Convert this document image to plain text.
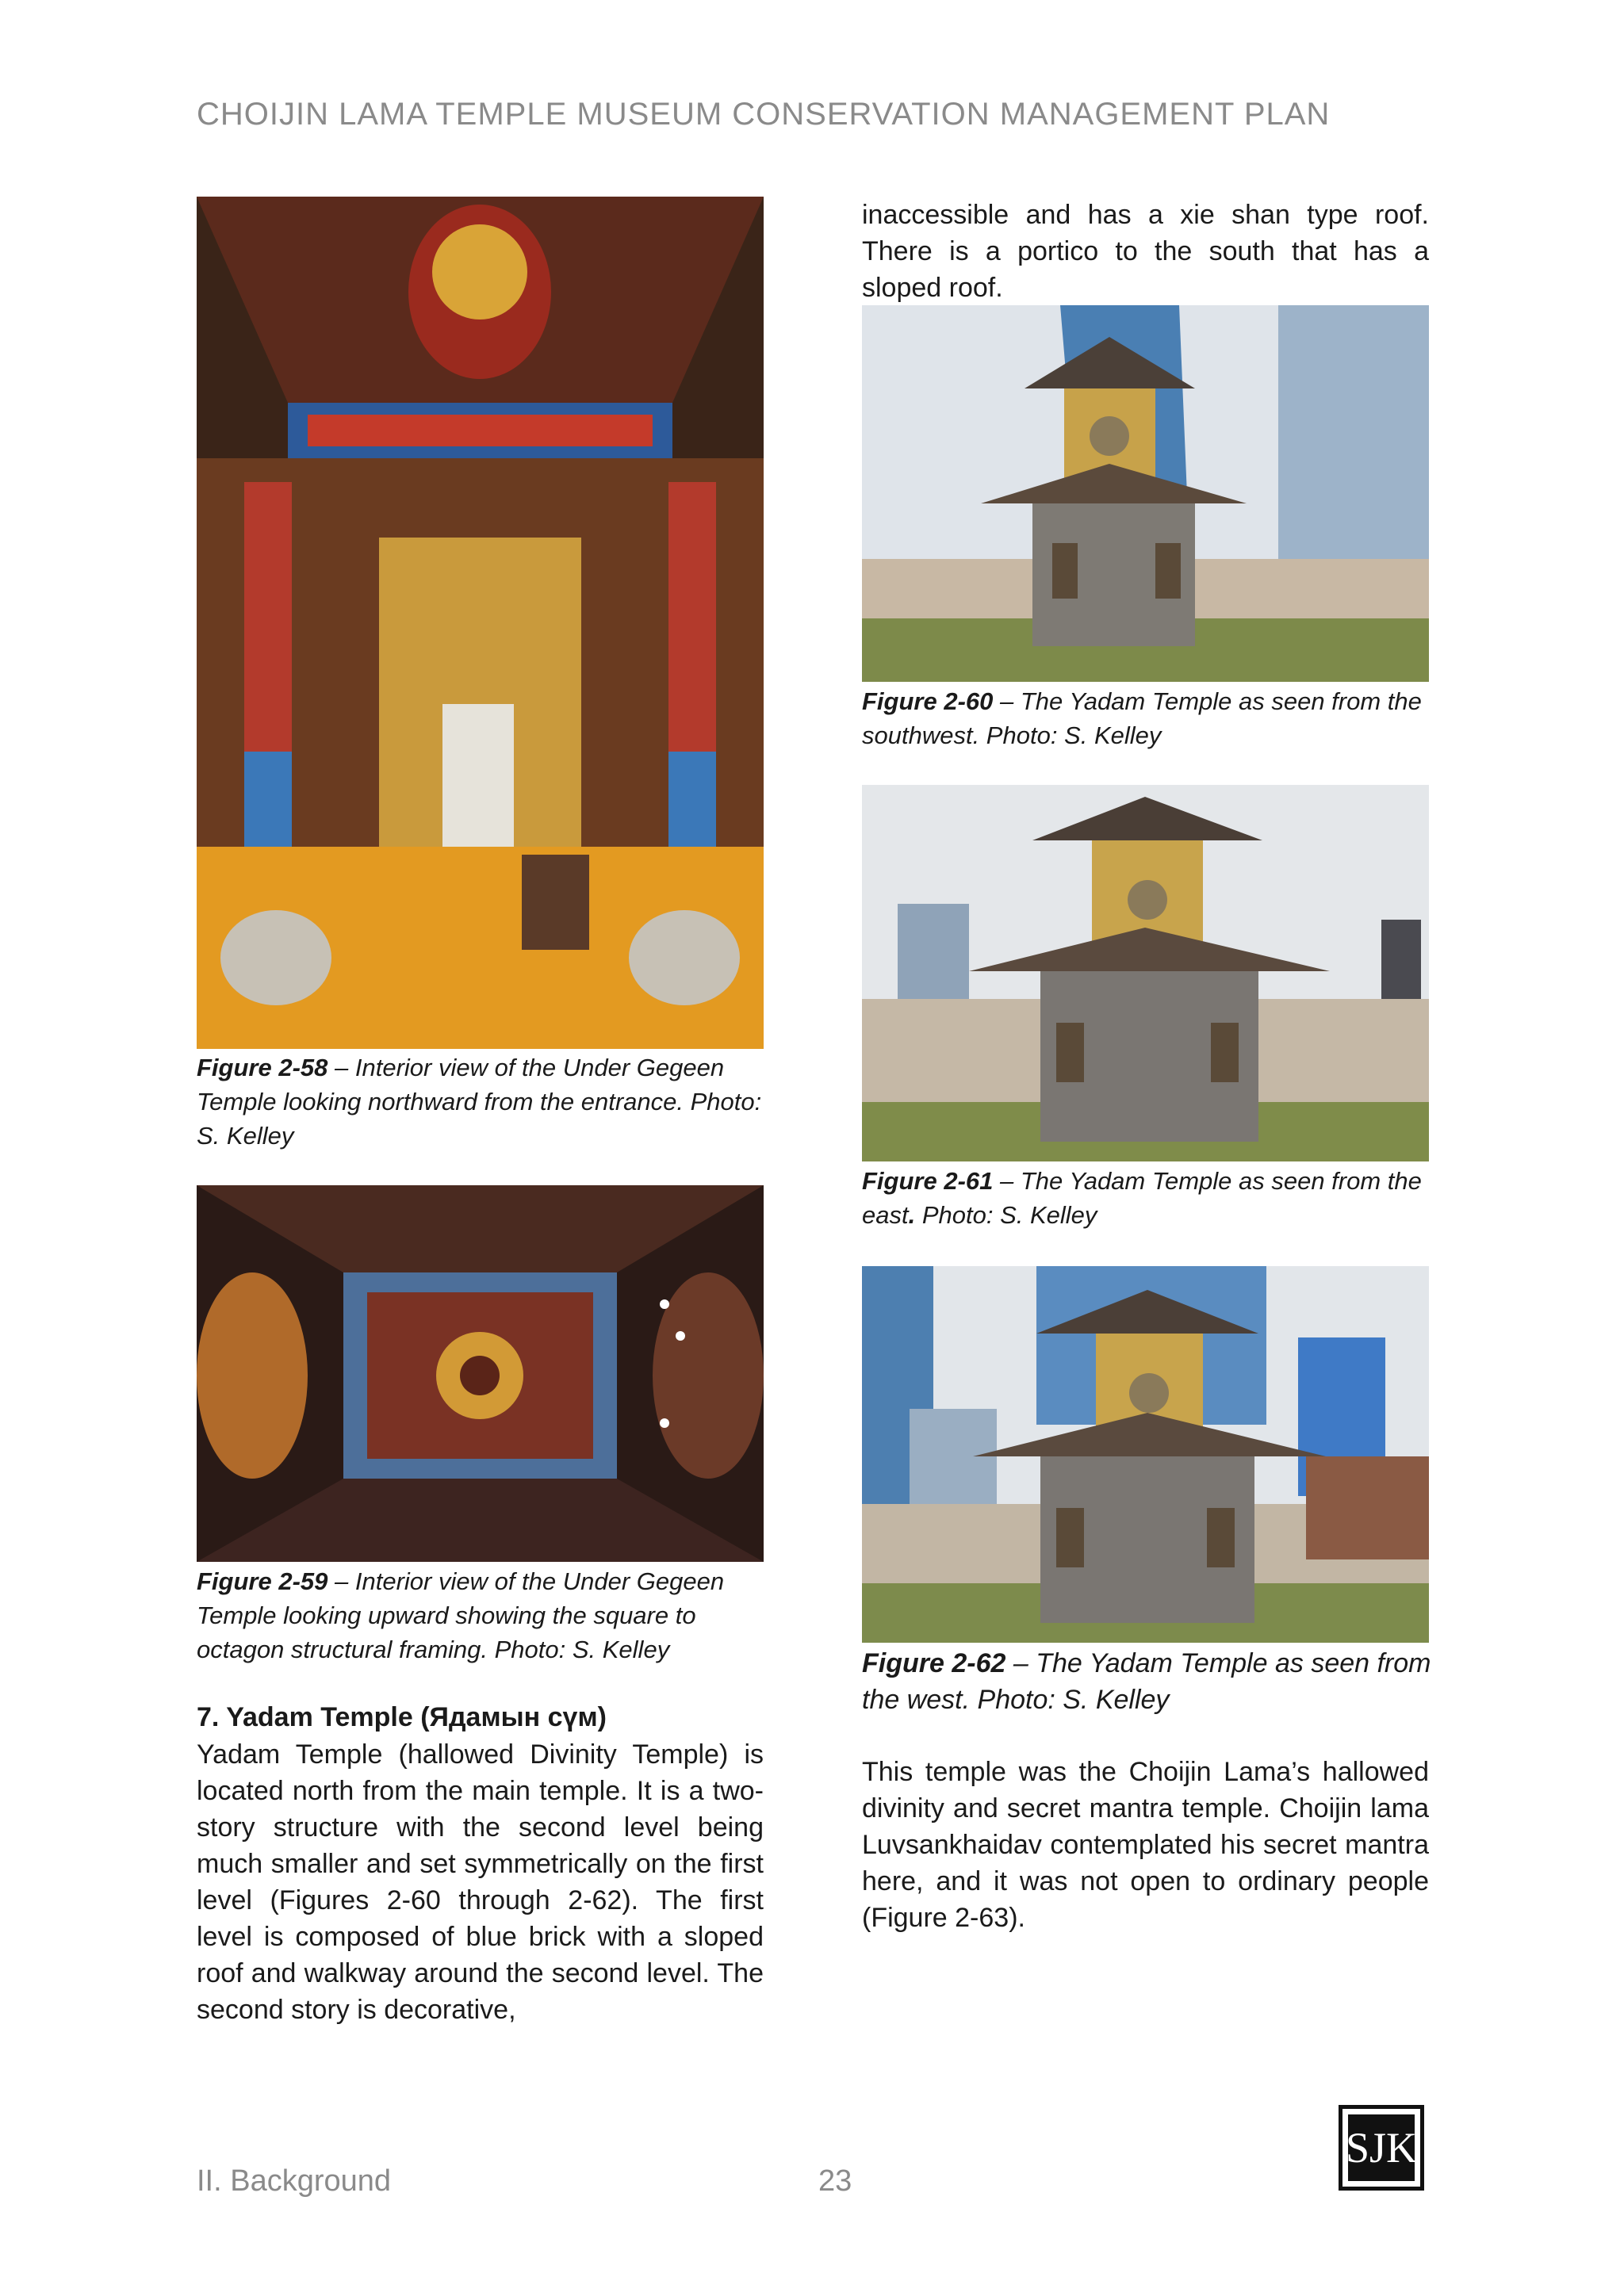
CHOIJIN LAMA TEMPLE MUSEUM CONSERVATION MANAGEMENT PLAN
Figure 2-58 – Interior view of the Under Gegeen Temple looking northward from the entrance. Photo: S. Kelley
Figure 2-59 – Interior view of the Under Gegeen Temple looking upward showing the square to octagon structural framing. Photo: S. Kelley
7. Yadam Temple (Ядамын сүм)
Yadam Temple (hallowed Divinity Temple) is located north from the main temple. It is a two-story structure with the second level being much smaller and set symmetrically on the first level (Figures 2-60 through 2-62). The first level is composed of blue brick with a sloped roof and walkway around the second level. The second story is decorative,
inaccessible and has a xie shan type roof. There is a portico to the south that has a sloped roof.
Figure 2-60 – The Yadam Temple as seen from the southwest. Photo: S. Kelley
Figure 2-61 – The Yadam Temple as seen from the east. Photo: S. Kelley
Figure 2-62 – The Yadam Temple as seen from the west. Photo: S. Kelley
This temple was the Choijin Lama’s hallowed divinity and secret mantra temple. Choijin lama Luvsankhaidav contemplated his secret mantra here, and it was not open to ordinary people (Figure 2-63).
II. Background	23
SJK
